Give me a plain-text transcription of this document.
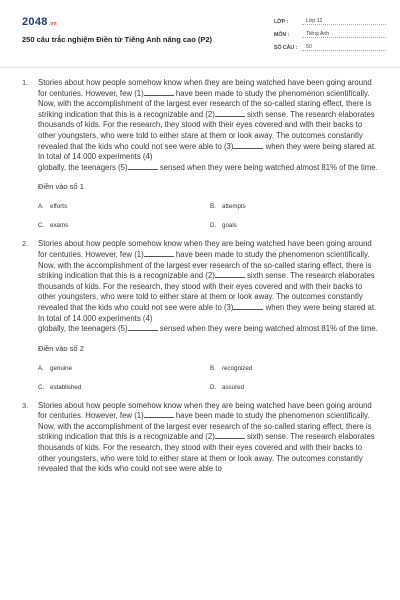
2048.vn
250 câu trắc nghiệm Điền từ Tiếng Anh nâng cao (P2)
LỚP :	Lớp 12
MÔN :	Tiếng Anh
SỐ CÂU :	50
1.	Stories about how people somehow know when they are being watched have been going around for centuries. However, few (1)	have been made to study the phenomenon scientifically. Now, with the accomplishment of the largest ever research of the so-called staring effect, there is striking indication that this is a recognizable and (2)	sixth sense. The research elaborates thousands of kids. For the research, they stood with their eyes covered and with their backs to other youngsters, who were told to either stare at them or look away. The outcomes constantly revealed that the kids who could not see were able to (3)	when they were being stared at. In total of 14.000 experiments (4)
globally, the teenagers (5)	sensed when they were being watched almost 81% of the time.

Điền vào số 1
A. efforts	B. attempts
C. exams	D. goals
2.	Stories about how people somehow know when they are being watched have been going around for centuries. However, few (1)	have been made to study the phenomenon scientifically. Now, with the accomplishment of the largest ever research of the so-called staring effect, there is striking indication that this is a recognizable and (2)	sixth sense. The research elaborates thousands of kids. For the research, they stood with their eyes covered and with their backs to other youngsters, who were told to either stare at them or look away. The outcomes constantly revealed that the kids who could not see were able to (3)	when they were being stared at. In total of 14.000 experiments (4)
globally, the teenagers (5)	sensed when they were being watched almost 81% of the time.

Điền vào số 2
A. genuine	B. recognized
C. established	D. assured
3.	Stories about how people somehow know when they are being watched have been going around for centuries. However, few (1)	have been made to study the phenomenon scientifically. Now, with the accomplishment of the largest ever research of the so-called staring effect, there is striking indication that this is a recognizable and (2)	sixth sense. The research elaborates thousands of kids. For the research, they stood with their eyes covered and with their backs to other youngsters, who were told to either stare at them or look away. The outcomes constantly revealed that the kids who could not see were able to
